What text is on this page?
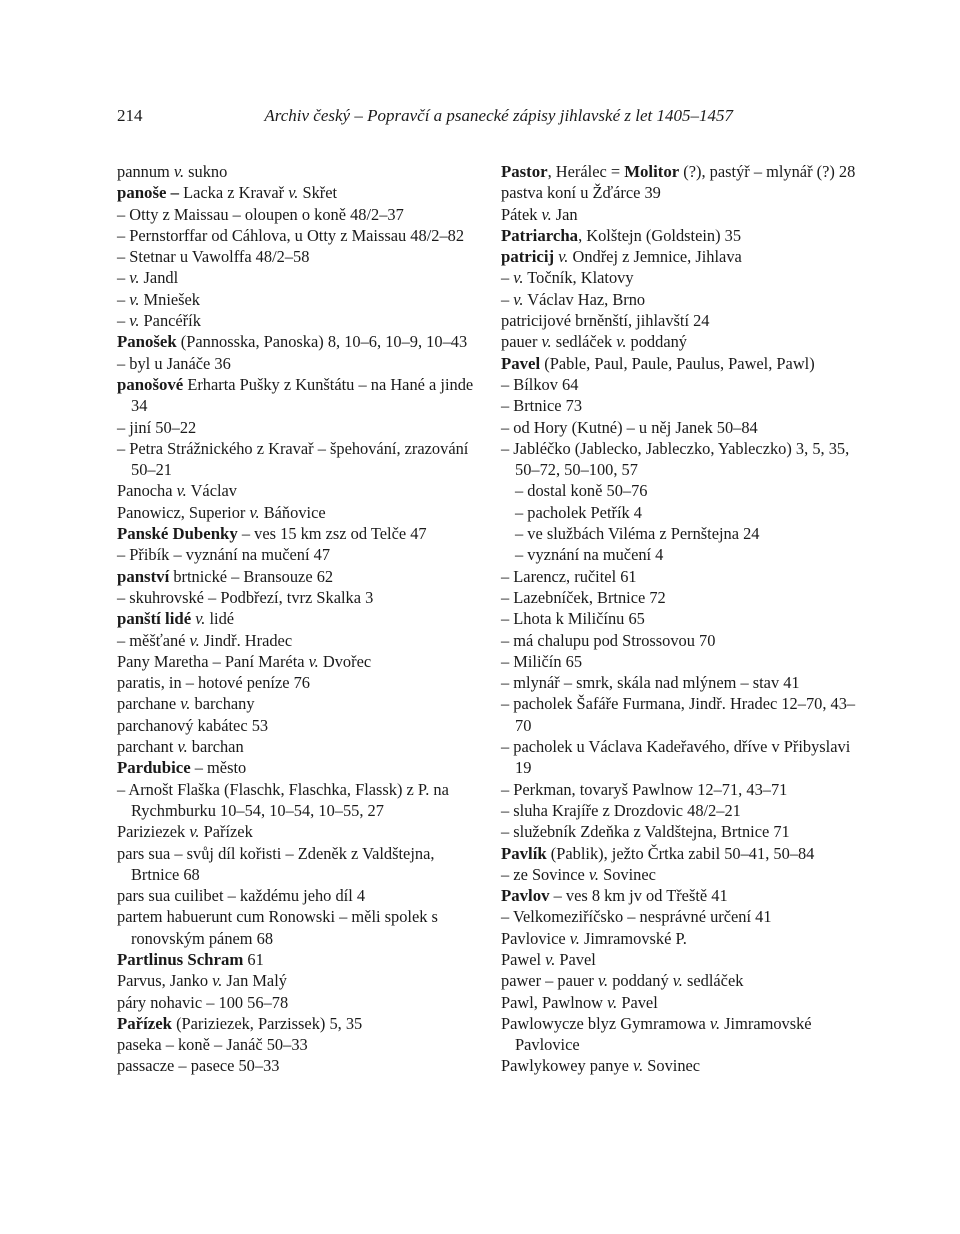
214	Archiv český – Popravčí a psanecké zápisy jihlavské z let 1405–1457

pannum v. sukno

panoše – Lacka z Kravař v. Skřet

– Otty z Maissau – oloupen o koně 48/2–37

– Pernstorffar od Cáhlova, u Otty z Maissau 48/2–82

– Stetnar u Vawolffa 48/2–58

– v. Jandl

– v. Mniešek

– v. Pancéřík

Panošek (Pannosska, Panoska) 8, 10–6, 10–9, 10–43

– byl u Janáče 36

panošové Erharta Pušky z Kunštátu – na Hané a jinde 34

– jiní 50–22

– Petra Strážnického z Kravař – špehování, zrazování 50–21

Panocha v. Václav

Panowicz, Superior v. Báňovice

Panské Dubenky – ves 15 km zsz od Telče 47

– Přibík – vyznání na mučení 47

panství brtnické – Bransouze 62

– skuhrovské – Podbřezí, tvrz Skalka 3

panští lidé v. lidé

– měšťané v. Jindř. Hradec

Pany Maretha – Paní Maréta v. Dvořec

paratis, in – hotové peníze 76

parchane v. barchany

parchanový kabátec 53

parchant v. barchan

Pardubice – město

– Arnošt Flaška (Flaschk, Flaschka, Flassk) z P. na Rychmburku 10–54, 10–54, 10–55, 27

Pariziezek v. Pařízek

pars sua – svůj díl kořisti – Zdeněk z Valdštejna, Brtnice 68

pars sua cuilibet – každému jeho díl 4

partem habuerunt cum Ronowski – měli spolek s ronovským pánem 68

Partlinus Schram 61

Parvus, Janko v. Jan Malý

páry nohavic – 100 56–78

Pařízek (Pariziezek, Parzissek) 5, 35

paseka – koně – Janáč 50–33

passacze – pasece 50–33

Pastor, Herálec = Molitor (?), pastýř – mlynář (?) 28

pastva koní u Žďárce 39

Pátek v. Jan

Patriarcha, Kolštejn (Goldstein) 35

patricij v. Ondřej z Jemnice, Jihlava

– v. Točník, Klatovy

– v. Václav Haz, Brno

patricijové brněnští, jihlavští 24

pauer v. sedláček v. poddaný

Pavel (Pable, Paul, Paule, Paulus, Pawel, Pawl)

– Bílkov 64

– Brtnice 73

– od Hory (Kutné) – u něj Janek 50–84

– Jabléčko (Jablecko, Jableczko, Yableczko) 3, 5, 35, 50–72, 50–100, 57

– dostal koně 50–76

– pacholek Petřík 4

– ve službách Viléma z Pernštejna 24

– vyznání na mučení 4

– Larencz, ručitel 61

– Lazebníček, Brtnice 72

– Lhota k Miličínu 65

– má chalupu pod Strossovou 70

– Miličín 65

– mlynář – smrk, skála nad mlýnem – stav 41

– pacholek Šafáře Furmana, Jindř. Hradec 12–70, 43–70

– pacholek u Václava Kadeřavého, dříve v Přibyslavi 19

– Perkman, tovaryš Pawlnow 12–71, 43–71

– sluha Krajíře z Drozdovic 48/2–21

– služebník Zdeňka z Valdštejna, Brtnice 71

Pavlík (Pablik), ježto Črtka zabil 50–41, 50–84

– ze Sovince v. Sovinec

Pavlov – ves 8 km jv od Třeště 41

– Velkomeziříčsko – nesprávné určení 41

Pavlovice v. Jimramovské P.

Pawel v. Pavel

pawer – pauer v. poddaný v. sedláček

Pawl, Pawlnow v. Pavel

Pawlowycze blyz Gymramowa v. Jimramovské Pavlovice

Pawlykowey panye v. Sovinec
